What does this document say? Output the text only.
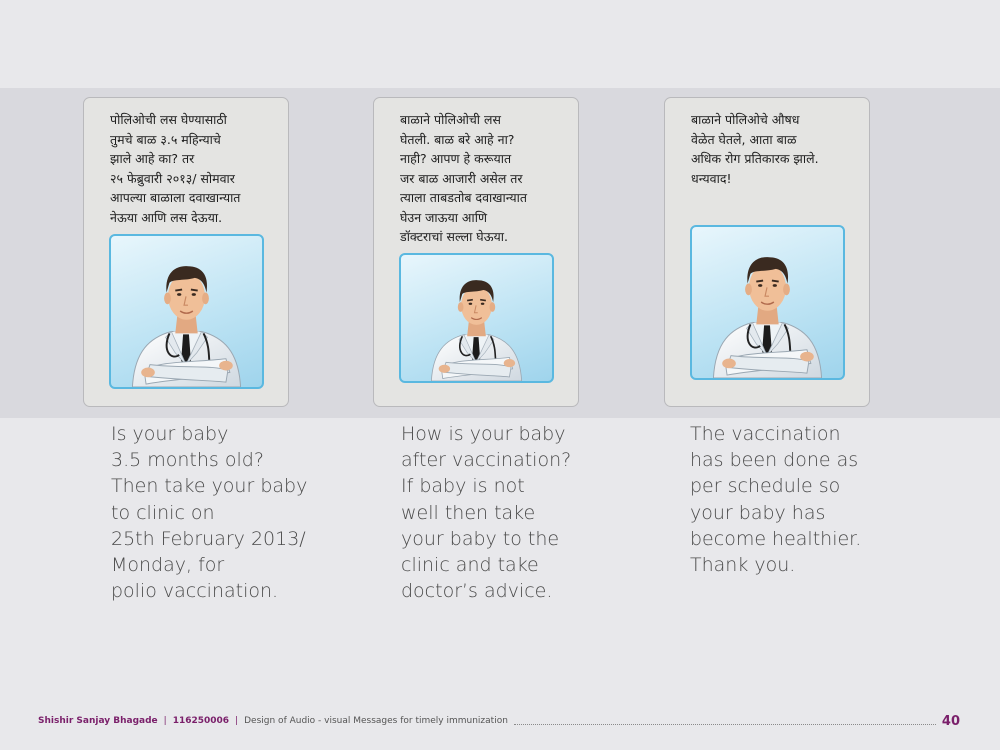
पोलिओची लस घेण्यासाठी
तुमचे बाळ ३.५ महिन्याचे
झाले आहे का? तर
२५ फेब्रुवारी २०१३/ सोमवार
आपल्या बाळाला दवाखान्यात
नेऊया आणि लस देऊया.

बाळाने पोलिओची लस
घेतली. बाळ बरे आहे ना?
नाही? आपण हे करूयात
जर बाळ आजारी असेल तर
त्याला ताबडतोब दवाखान्यात
घेउन जाऊया आणि
डॉक्टराचां सल्ला घेऊया.

बाळाने पोलिओचे औषध
वेळेत घेतले, आता बाळ
अधिक रोग प्रतिकारक झाले.
धन्यवाद!

Is your baby
3.5 months old?
Then take your baby
to clinic on
25th February 2013/
Monday, for
polio vaccination.

How is your baby
after vaccination?
If baby is not
well then take
your baby to the
clinic and take
doctor’s advice.

The vaccination
has been done as
per schedule so
your baby has
become healthier.
Thank you.

Shishir Sanjay Bhagade | 116250006 | Design of Audio - visual Messages for timely immunization	40
